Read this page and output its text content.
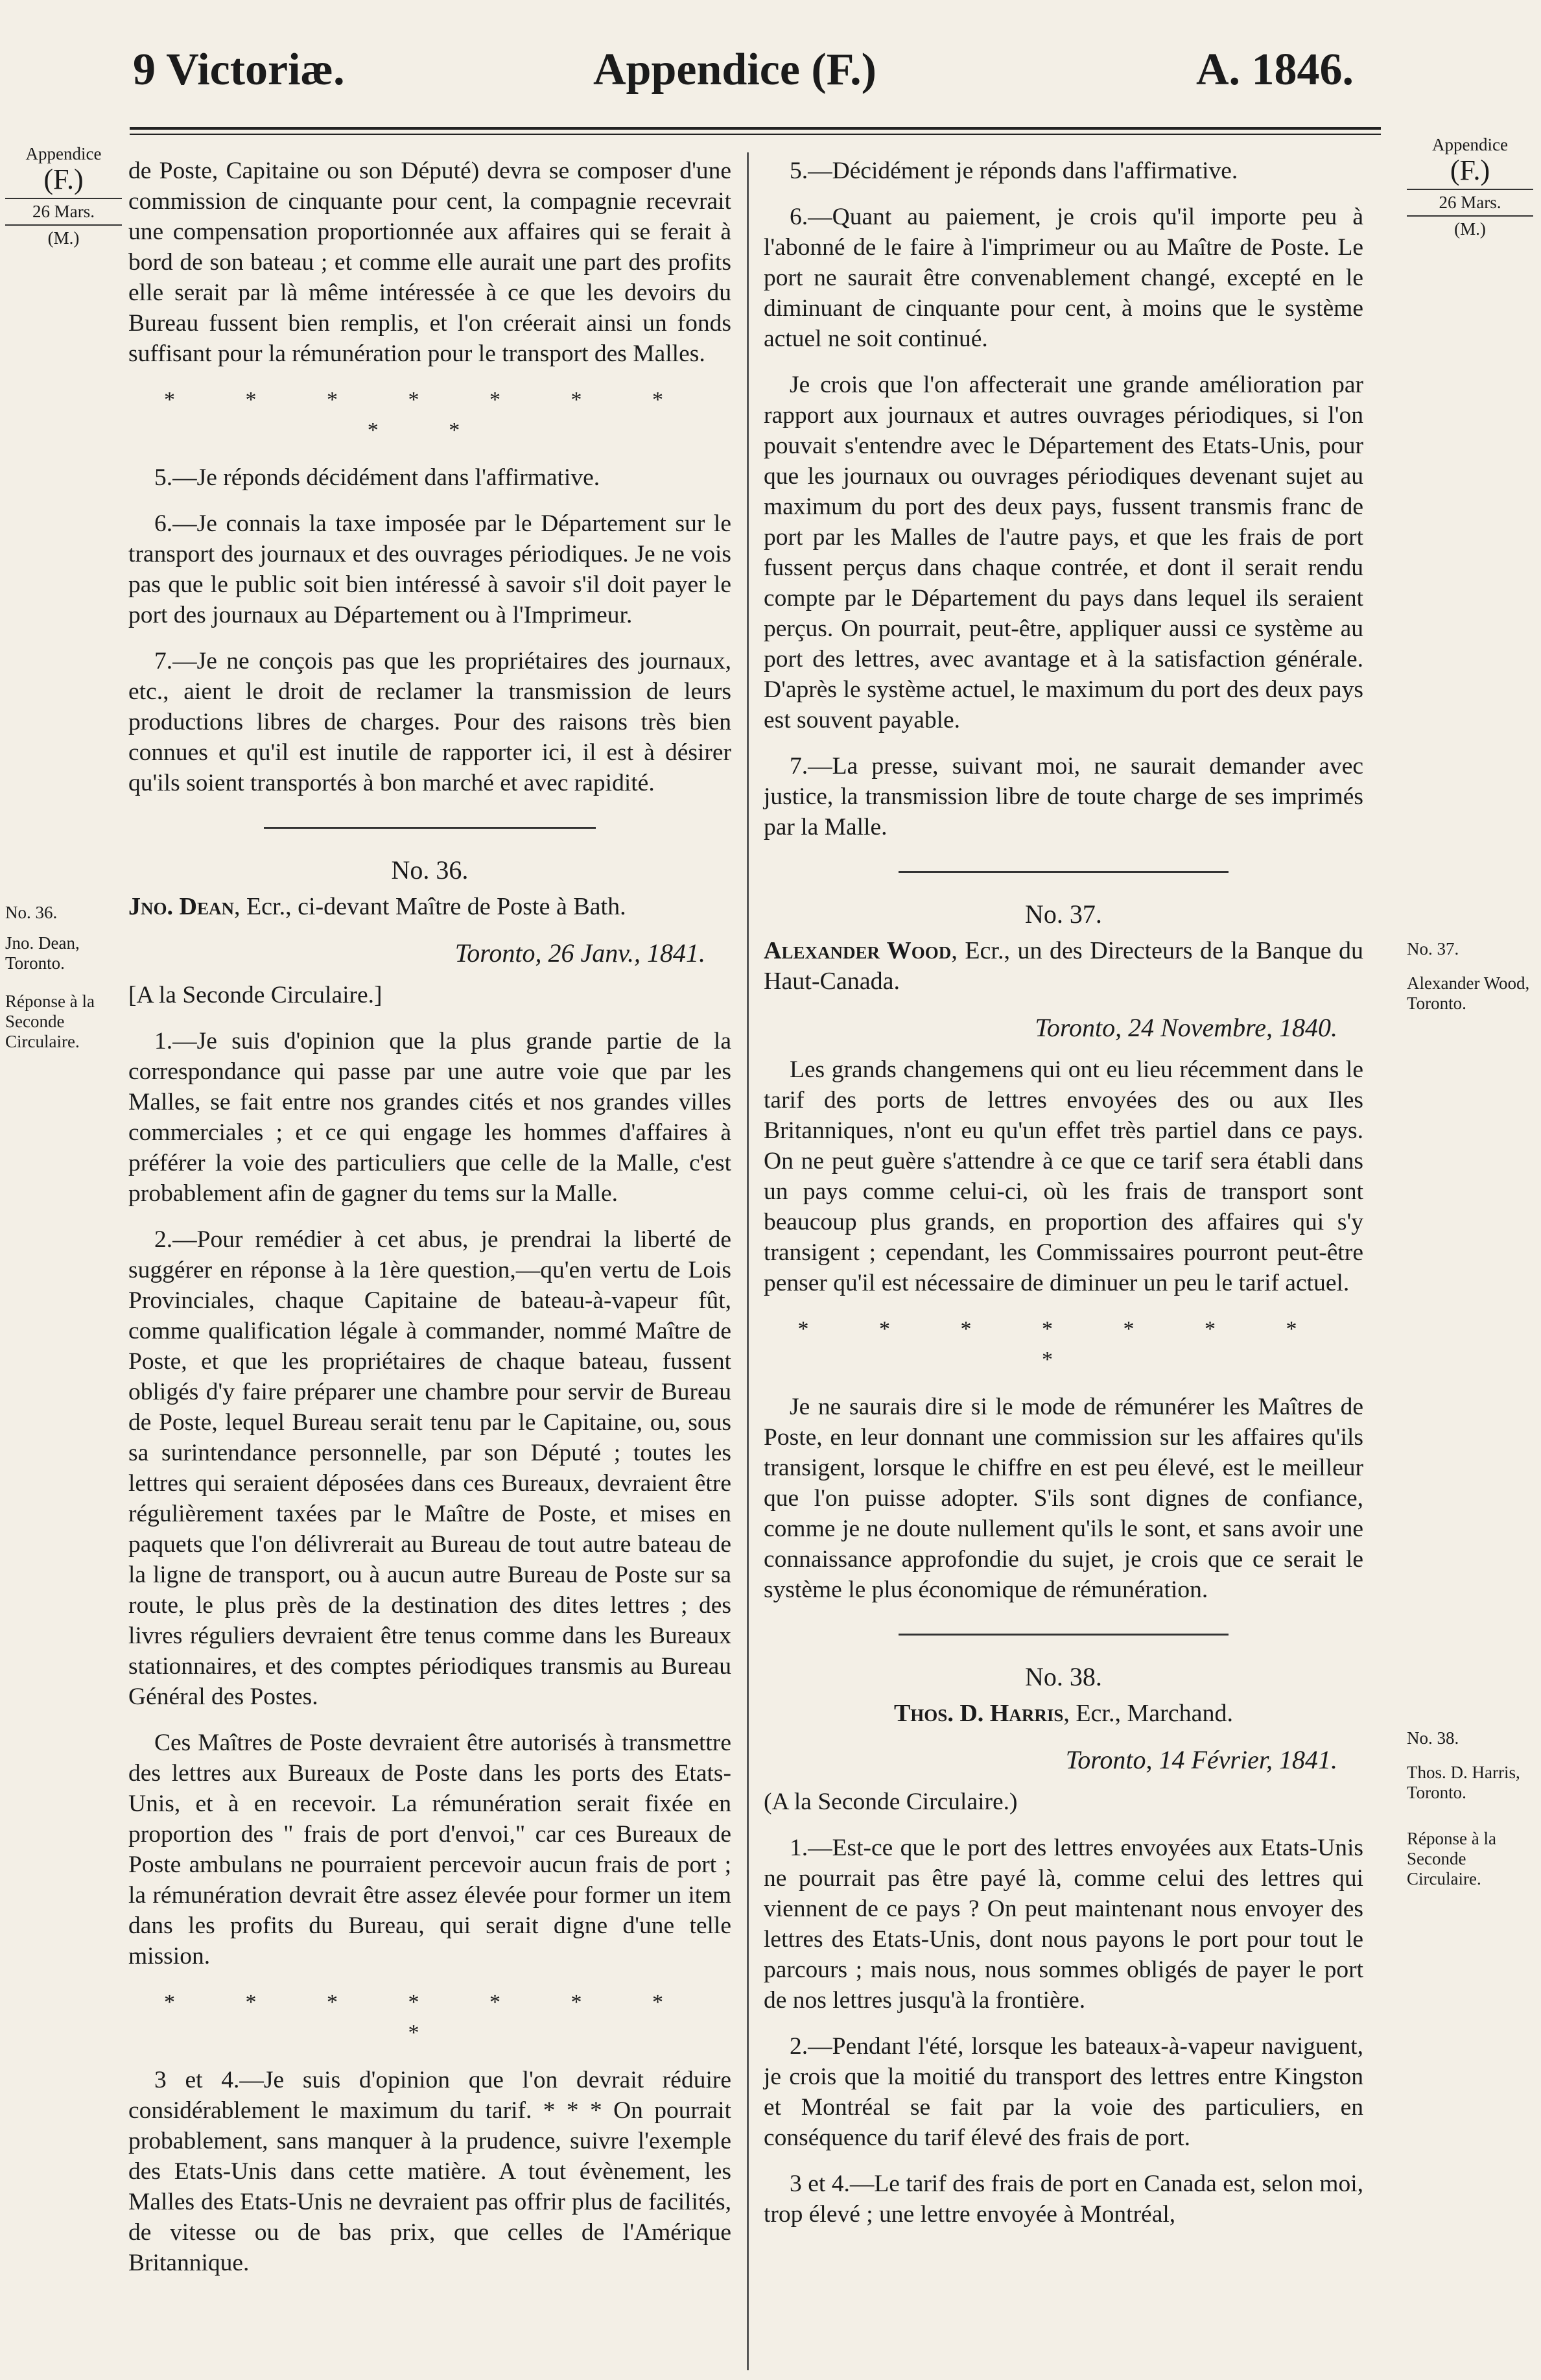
9 Victoriæ.	Appendice (F.)	A. 1846.
Appendice
(F.)
26 Mars.
(M.)
No. 36.
Jno. Dean, Toronto.
Réponse à la Seconde Circulaire.
Appendice
(F.)
26 Mars.
(M.)
No. 37.
Alexander Wood, Toronto.
No. 38.
Thos. D. Harris, Toronto.
Réponse à la Seconde Circulaire.

de Poste, Capitaine ou son Député) devra se composer d'une commission de cinquante pour cent, la compagnie recevrait une compensation proportionnée aux affaires qui se ferait à bord de son bateau ; et comme elle aurait une part des profits elle serait par là même intéressée à ce que les devoirs du Bureau fussent bien remplis, et l'on créerait ainsi un fonds suffisant pour la rémunération pour le transport des Malles.

* * * * * * * * *

5.—Je réponds décidément dans l'affirmative.

6.—Je connais la taxe imposée par le Département sur le transport des journaux et des ouvrages périodiques. Je ne vois pas que le public soit bien intéressé à savoir s'il doit payer le port des journaux au Département ou à l'Imprimeur.

7.—Je ne conçois pas que les propriétaires des journaux, etc., aient le droit de reclamer la transmission de leurs productions libres de charges. Pour des raisons très bien connues et qu'il est inutile de rapporter ici, il est à désirer qu'ils soient transportés à bon marché et avec rapidité.

No. 36.

Jno. Dean, Ecr., ci-devant Maître de Poste à Bath.

Toronto, 26 Janv., 1841.

[A la Seconde Circulaire.]

1.—Je suis d'opinion que la plus grande partie de la correspondance qui passe par une autre voie que par les Malles, se fait entre nos grandes cités et nos grandes villes commerciales ; et ce qui engage les hommes d'affaires à préférer la voie des particuliers que celle de la Malle, c'est probablement afin de gagner du tems sur la Malle.

2.—Pour remédier à cet abus, je prendrai la liberté de suggérer en réponse à la 1ère question,—qu'en vertu de Lois Provinciales, chaque Capitaine de bateau-à-vapeur fût, comme qualification légale à commander, nommé Maître de Poste, et que les propriétaires de chaque bateau, fussent obligés d'y faire préparer une chambre pour servir de Bureau de Poste, lequel Bureau serait tenu par le Capitaine, ou, sous sa surintendance personnelle, par son Député ; toutes les lettres qui seraient déposées dans ces Bureaux, devraient être régulièrement taxées par le Maître de Poste, et mises en paquets que l'on délivrerait au Bureau de tout autre bateau de la ligne de transport, ou à aucun autre Bureau de Poste sur sa route, le plus près de la destination des dites lettres ; des livres réguliers devraient être tenus comme dans les Bureaux stationnaires, et des comptes périodiques transmis au Bureau Général des Postes.

Ces Maîtres de Poste devraient être autorisés à transmettre des lettres aux Bureaux de Poste dans les ports des Etats-Unis, et à en recevoir. La rémunération serait fixée en proportion des " frais de port d'envoi," car ces Bureaux de Poste ambulans ne pourraient percevoir aucun frais de port ; la rémunération devrait être assez élevée pour former un item dans les profits du Bureau, qui serait digne d'une telle mission.

* * * * * * * *

3 et 4.—Je suis d'opinion que l'on devrait réduire considérablement le maximum du tarif. * * * On pourrait probablement, sans manquer à la prudence, suivre l'exemple des Etats-Unis dans cette matière. A tout évènement, les Malles des Etats-Unis ne devraient pas offrir plus de facilités, de vitesse ou de bas prix, que celles de l'Amérique Britannique.

5.—Décidément je réponds dans l'affirmative.

6.—Quant au paiement, je crois qu'il importe peu à l'abonné de le faire à l'imprimeur ou au Maître de Poste. Le port ne saurait être convenablement changé, excepté en le diminuant de cinquante pour cent, à moins que le système actuel ne soit continué.

Je crois que l'on affecterait une grande amélioration par rapport aux journaux et autres ouvrages périodiques, si l'on pouvait s'entendre avec le Département des Etats-Unis, pour que les journaux ou ouvrages périodiques devenant sujet au maximum du port des deux pays, fussent transmis franc de port par les Malles de l'autre pays, et que les frais de port fussent perçus dans chaque contrée, et dont il serait rendu compte par le Département du pays dans lequel ils seraient perçus. On pourrait, peut-être, appliquer aussi ce système au port des lettres, avec avantage et à la satisfaction générale. D'après le système actuel, le maximum du port des deux pays est souvent payable.

7.—La presse, suivant moi, ne saurait demander avec justice, la transmission libre de toute charge de ses imprimés par la Malle.

No. 37.

Alexander Wood, Ecr., un des Directeurs de la Banque du Haut-Canada.

Toronto, 24 Novembre, 1840.

Les grands changemens qui ont eu lieu récemment dans le tarif des ports de lettres envoyées des ou aux Iles Britanniques, n'ont eu qu'un effet très partiel dans ce pays. On ne peut guère s'attendre à ce que ce tarif sera établi dans un pays comme celui-ci, où les frais de transport sont beaucoup plus grands, en proportion des affaires qui s'y transigent ; cependant, les Commissaires pourront peut-être penser qu'il est nécessaire de diminuer un peu le tarif actuel.

* * * * * * * *

Je ne saurais dire si le mode de rémunérer les Maîtres de Poste, en leur donnant une commission sur les affaires qu'ils transigent, lorsque le chiffre en est peu élevé, est le meilleur que l'on puisse adopter. S'ils sont dignes de confiance, comme je ne doute nullement qu'ils le sont, et sans avoir une connaissance approfondie du sujet, je crois que ce serait le système le plus économique de rémunération.

No. 38.

Thos. D. Harris, Ecr., Marchand.

Toronto, 14 Février, 1841.

(A la Seconde Circulaire.)

1.—Est-ce que le port des lettres envoyées aux Etats-Unis ne pourrait pas être payé là, comme celui des lettres qui viennent de ce pays ? On peut maintenant nous envoyer des lettres des Etats-Unis, dont nous payons le port pour tout le parcours ; mais nous, nous sommes obligés de payer le port de nos lettres jusqu'à la frontière.

2.—Pendant l'été, lorsque les bateaux-à-vapeur naviguent, je crois que la moitié du transport des lettres entre Kingston et Montréal se fait par la voie des particuliers, en conséquence du tarif élevé des frais de port.

3 et 4.—Le tarif des frais de port en Canada est, selon moi, trop élevé ; une lettre envoyée à Montréal,
